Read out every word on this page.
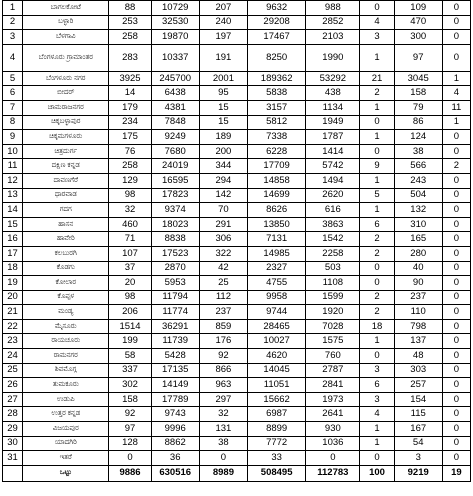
1	ಬಾಗಲಕೋಟೆ	88	10729	207	9632	988	0	109	0
2	ಬಳ್ಳಾರಿ	253	32530	240	29208	2852	4	470	0
3	ಬೆಳಗಾವಿ	258	19870	197	17467	2103	3	300	0
4	ಬೆಂಗಳೂರು ಗ್ರಾಮಾಂತರ	283	10337	191	8250	1990	1	97	0
5	ಬೆಂಗಳೂರು ನಗರ	3925	245700	2001	189362	53292	21	3045	1
6	ಬೀದರ್	14	6438	95	5838	438	2	158	4
7	ಚಾಮರಾಜನಗರ	179	4381	15	3157	1134	1	79	11
8	ಚಿಕ್ಕಬಳ್ಳಾಪುರ	234	7848	15	5812	1949	0	86	1
9	ಚಿಕ್ಕಮಗಳೂರು	175	9249	189	7338	1787	1	124	0
10	ಚಿತ್ರದುರ್ಗ	76	7680	200	6228	1414	0	38	0
11	ದಕ್ಷಿಣ ಕನ್ನಡ	258	24019	344	17709	5742	9	566	2
12	ದಾವಣಗೆರೆ	129	16595	294	14858	1494	1	243	0
13	ಧಾರವಾಡ	98	17823	142	14699	2620	5	504	0
14	ಗದಗ	32	9374	70	8626	616	1	132	0
15	ಹಾಸನ	460	18023	291	13850	3863	6	310	0
16	ಹಾವೇರಿ	71	8838	306	7131	1542	2	165	0
17	ಕಲಬುರಗಿ	107	17523	322	14985	2258	2	280	0
18	ಕೊಡಗು	37	2870	42	2327	503	0	40	0
19	ಕೋಲಾರ	20	5953	25	4755	1108	0	90	0
20	ಕೊಪ್ಪಳ	98	11794	112	9958	1599	2	237	0
21	ಮಂಡ್ಯ	206	11774	237	9744	1920	2	110	0
22	ಮೈಸೂರು	1514	36291	859	28465	7028	18	798	0
23	ರಾಯಚೂರು	199	11739	176	10027	1575	1	137	0
24	ರಾಮನಗರ	58	5428	92	4620	760	0	48	0
25	ಶಿವಮೊಗ್ಗ	337	17135	866	14045	2787	3	303	0
26	ತುಮಕೂರು	302	14149	963	11051	2841	6	257	0
27	ಉಡುಪಿ	158	17789	297	15662	1973	3	154	0
28	ಉತ್ತರ ಕನ್ನಡ	92	9743	32	6987	2641	4	115	0
29	ವಿಜಯಪುರ	97	9996	131	8899	930	1	167	0
30	ಯಾದಗಿರಿ	128	8862	38	7772	1036	1	54	0
31	ಇತರೆ	0	36	0	33	0	0	3	0
	ಒಟ್ಟು	9886	630516	8989	508495	112783	100	9219	19
